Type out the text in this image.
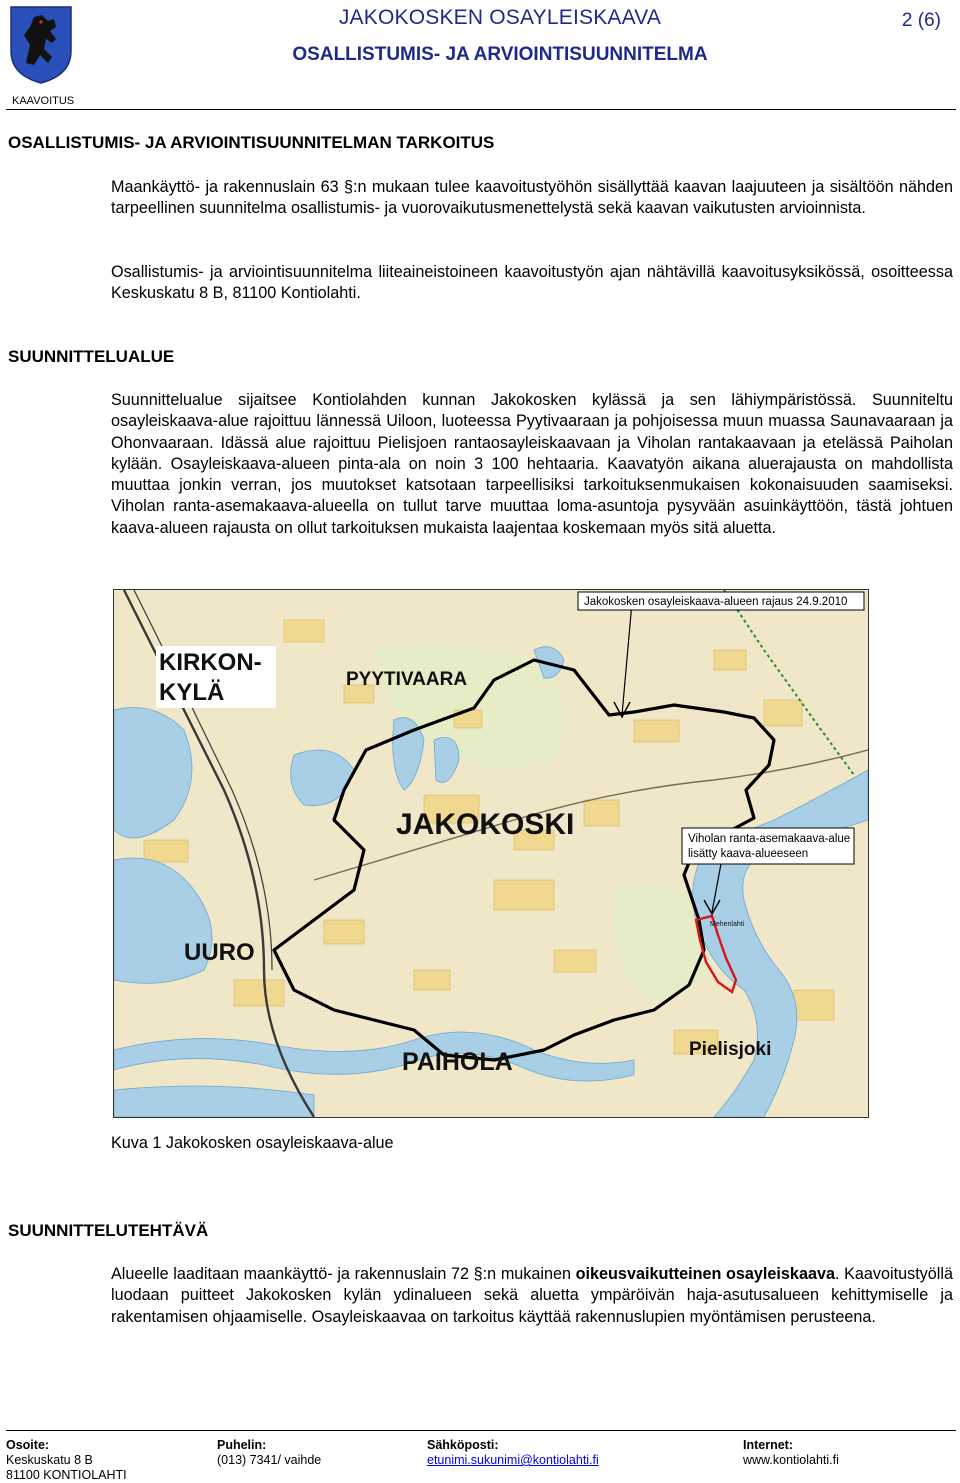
KAAVOITUS
JAKOKOSKEN OSAYLEISKAAVA
OSALLISTUMIS- JA ARVIOINTISUUNNITELMA
2 (6)
OSALLISTUMIS- JA ARVIOINTISUUNNITELMAN TARKOITUS
Maankäyttö- ja rakennuslain 63 §:n mukaan tulee kaavoitustyöhön sisällyttää kaavan laajuuteen ja sisältöön nähden tarpeellinen suunnitelma osallistumis- ja vuorovaikutusmenettelystä sekä kaavan vaikutusten arvioinnista.
Osallistumis- ja arviointisuunnitelma liiteaineistoineen kaavoitustyön ajan nähtävillä kaavoitusyksikössä, osoitteessa Keskuskatu 8 B, 81100 Kontiolahti.
SUUNNITTELUALUE
Suunnittelualue sijaitsee Kontiolahden kunnan Jakokosken kylässä ja sen lähiympäristössä. Suunniteltu osayleiskaava-alue rajoittuu lännessä Uiloon, luoteessa Pyytivaaraan ja pohjoisessa muun muassa Saunavaaraan ja Ohonvaaraan. Idässä alue rajoittuu Pielisjoen rantaosayleiskaavaan ja Viholan rantakaavaan ja etelässä Paiholan kylään. Osayleiskaava-alueen pinta-ala on noin 3 100 hehtaaria. Kaavatyön aikana aluerajausta on mahdollista muuttaa jonkin verran, jos muutokset katsotaan tarpeellisiksi tarkoituksenmukaisen kokonaisuuden saamiseksi. Viholan ranta-asemakaava-alueella on tullut tarve muuttaa loma-asuntoja pysyvään asuinkäyttöön, tästä johtuen kaava-alueen rajausta on ollut tarkoituksen mukaista laajentaa koskemaan myös sitä aluetta.
Jakokosken osayleiskaava-alueen rajaus 24.9.2010
Viholan ranta-asemakaava-alue
lisätty kaava-alueeseen
KIRKON-
KYLÄ	PYYTIVAARA
JAKOKOSKI
UURO
PAIHOLA	Pielisjoki
Mehenlahti
Kuva 1 Jakokosken osayleiskaava-alue
SUUNNITTELUTEHTÄVÄ
Alueelle laaditaan maankäyttö- ja rakennuslain 72 §:n mukainen oikeusvaikutteinen osayleiskaava. Kaavoitustyöllä luodaan puitteet Jakokosken kylän ydinalueen sekä aluetta ympäröivän haja-asutusalueen kehittymiselle ja rakentamisen ohjaamiselle. Osayleiskaavaa on tarkoitus käyttää rakennuslupien myöntämisen perusteena.
Osoite:
Keskuskatu 8 B
81100 KONTIOLAHTI
Puhelin:
(013) 7341/ vaihde
Sähköposti:
etunimi.sukunimi@kontiolahti.fi
Internet:
www.kontiolahti.fi
